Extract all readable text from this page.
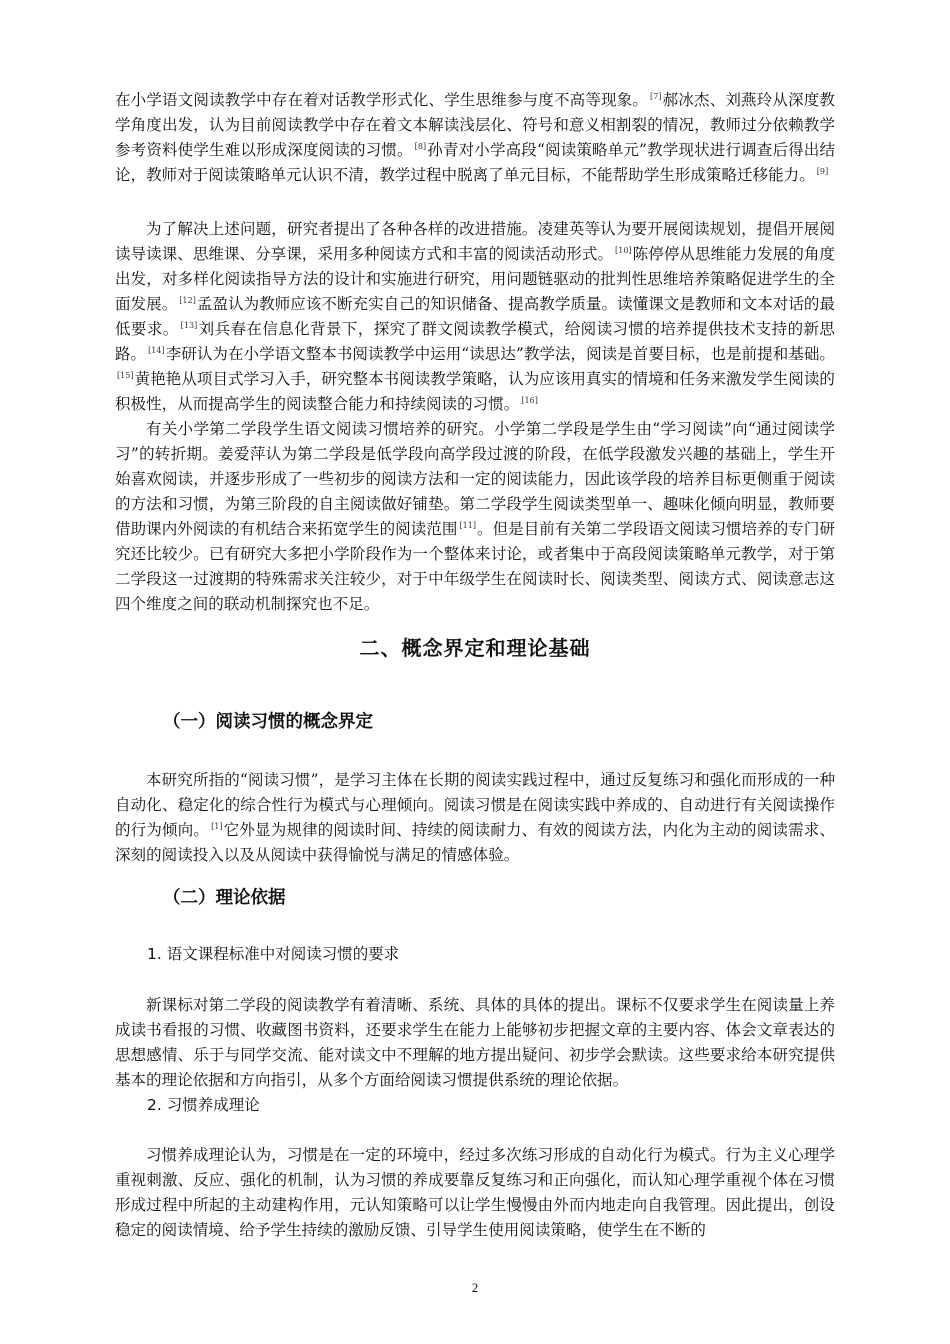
在小学语文阅读教学中存在着对话教学形式化、学生思维参与度不高等现象。 [7]郝冰杰、刘燕玲从深度教学角度出发，认为目前阅读教学中存在着文本解读浅层化、符号和意义相割裂的情况，教师过分依赖教学参考资料使学生难以形成深度阅读的习惯。 [8]孙青对小学高段“阅读策略单元”教学现状进行调查后得出结论，教师对于阅读策略单元认识不清，教学过程中脱离了单元目标，不能帮助学生形成策略迁移能力。 [9]

为了解决上述问题，研究者提出了各种各样的改进措施。凌建英等认为要开展阅读规划，提倡开展阅读导读课、思维课、分享课，采用多种阅读方式和丰富的阅读活动形式。 [10]陈停停从思维能力发展的角度出发，对多样化阅读指导方法的设计和实施进行研究，用问题链驱动的批判性思维培养策略促进学生的全面发展。 [12]孟盈认为教师应该不断充实自己的知识储备、提高教学质量。读懂课文是教师和文本对话的最低要求。 [13]刘兵春在信息化背景下，探究了群文阅读教学模式，给阅读习惯的培养提供技术支持的新思路。 [14]李研认为在小学语文整本书阅读教学中运用“读思达”教学法，阅读是首要目标，也是前提和基础。[15]黄艳艳从项目式学习入手，研究整本书阅读教学策略，认为应该用真实的情境和任务来激发学生阅读的积极性，从而提高学生的阅读整合能力和持续阅读的习惯。 [16]

有关小学第二学段学生语文阅读习惯培养的研究。小学第二学段是学生由“学习阅读”向“通过阅读学习”的转折期。姜爱萍认为第二学段是低学段向高学段过渡的阶段，在低学段激发兴趣的基础上，学生开始喜欢阅读，并逐步形成了一些初步的阅读方法和一定的阅读能力，因此该学段的培养目标更侧重于阅读的方法和习惯，为第三阶段的自主阅读做好铺垫。第二学段学生阅读类型单一、趣味化倾向明显，教师要借助课内外阅读的有机结合来拓宽学生的阅读范围 [11]。但是目前有关第二学段语文阅读习惯培养的专门研究还比较少。已有研究大多把小学阶段作为一个整体来讨论，或者集中于高段阅读策略单元教学，对于第二学段这一过渡期的特殊需求关注较少，对于中年级学生在阅读时长、阅读类型、阅读方式、阅读意志这四个维度之间的联动机制探究也不足。

二、概念界定和理论基础
（一）阅读习惯的概念界定

本研究所指的“阅读习惯”，是学习主体在长期的阅读实践过程中，通过反复练习和强化而形成的一种自动化、稳定化的综合性行为模式与心理倾向。阅读习惯是在阅读实践中养成的、自动进行有关阅读操作的行为倾向。 [1]它外显为规律的阅读时间、持续的阅读耐力、有效的阅读方法，内化为主动的阅读需求、深刻的阅读投入以及从阅读中获得愉悦与满足的情感体验。

（二）理论依据
1. 语文课程标准中对阅读习惯的要求

新课标对第二学段的阅读教学有着清晰、系统、具体的具体的提出。课标不仅要求学生在阅读量上养成读书看报的习惯、收藏图书资料，还要求学生在能力上能够初步把握文章的主要内容、体会文章表达的思想感情、乐于与同学交流、能对读文中不理解的地方提出疑问、初步学会默读。这些要求给本研究提供基本的理论依据和方向指引，从多个方面给阅读习惯提供系统的理论依据。

2. 习惯养成理论

习惯养成理论认为，习惯是在一定的环境中，经过多次练习形成的自动化行为模式。行为主义心理学重视刺激、反应、强化的机制，认为习惯的养成要靠反复练习和正向强化，而认知心理学重视个体在习惯形成过程中所起的主动建构作用，元认知策略可以让学生慢慢由外而内地走向自我管理。因此提出，创设稳定的阅读情境、给予学生持续的激励反馈、引导学生使用阅读策略，使学生在不断的

2
